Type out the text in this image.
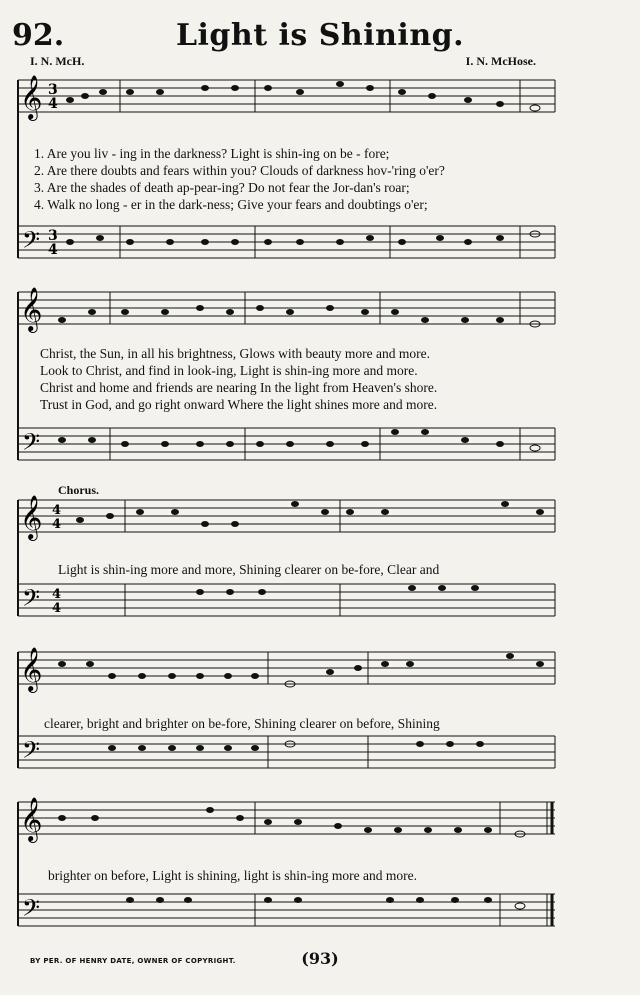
92.	Light is Shining.
I. N. McH.	I. N. McHose.
𝄞
𝄢
3
4
3
4
1. Are you liv - ing in the darkness? Light is shin-ing on be - fore;
2. Are there doubts and fears within you? Clouds of darkness hov-'ring o'er?
3. Are the shades of death ap-pear-ing? Do not fear the Jor-dan's roar;
4. Walk no long - er in the dark-ness; Give your fears and doubtings o'er;
𝄞
𝄢
Christ, the Sun, in all his brightness, Glows with beauty more and more.
Look to Christ, and find in look-ing, Light is shin-ing more and more.
Christ and home and friends are nearing In the light from Heaven's shore.
Trust in God, and go right onward Where the light shines more and more.
Chorus.
𝄞
𝄢
4
4
4
4
Light is shin-ing more and more, Shining clearer on be-fore, Clear and
𝄞
𝄢
clearer, bright and brighter on be-fore, Shining clearer on before, Shining
𝄞
𝄢
brighter on before, Light is shining, light is shin-ing more and more.
BY PER. OF HENRY DATE, OWNER OF COPYRIGHT.	(93)
